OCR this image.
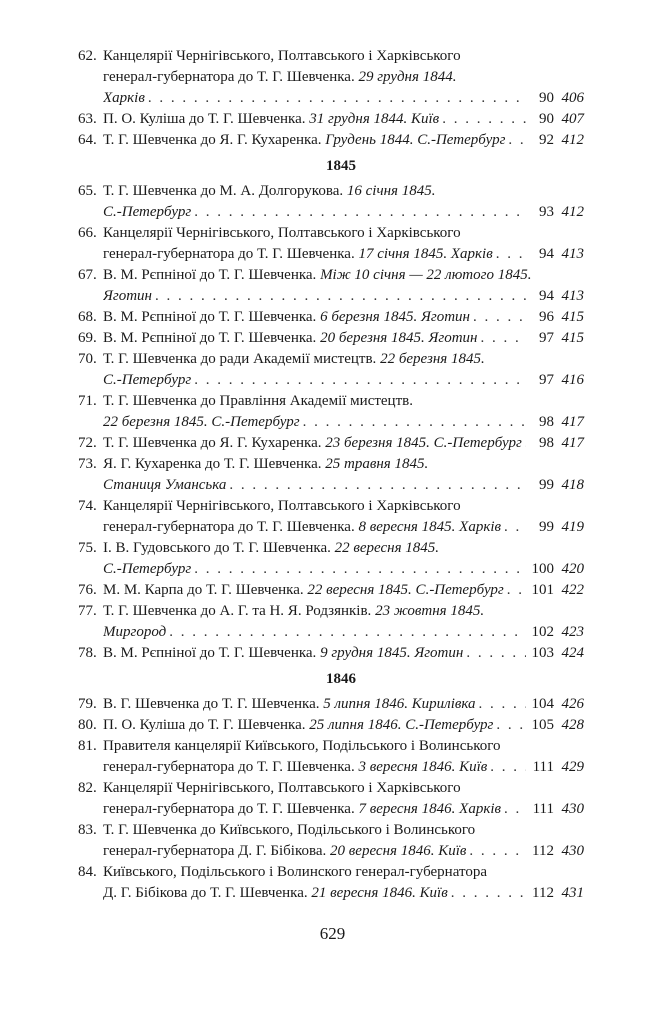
62. Канцелярії Чернігівського, Полтавського і Харківського
генерал-губернатора до Т. Г. Шевченка. 29 грудня 1844.
Харків . . .	90 406
63. П. О. Куліша до Т. Г. Шевченка. 31 грудня 1844. Київ . . .	90 407
64. Т. Г. Шевченка до Я. Г. Кухаренка. Грудень 1844. С.-Петербург . . .	92 412
1845
65. Т. Г. Шевченка до М. А. Долгорукова. 16 січня 1845.
С.-Петербург . . .	93 412
66. Канцелярії Чернігівського, Полтавського і Харківського
генерал-губернатора до Т. Г. Шевченка. 17 січня 1845. Харків . . .	94 413
67. В. М. Рєпніної до Т. Г. Шевченка. Між 10 січня — 22 лютого 1845.
Яготин . . .	94 413
68. В. М. Рєпніної до Т. Г. Шевченка. 6 березня 1845. Яготин . . .	96 415
69. В. М. Рєпніної до Т. Г. Шевченка. 20 березня 1845. Яготин . . .	97 415
70. Т. Г. Шевченка до ради Академії мистецтв. 22 березня 1845.
С.-Петербург . . .	97 416
71. Т. Г. Шевченка до Правління Академії мистецтв.
22 березня 1845. С.-Петербург . . .	98 417
72. Т. Г. Шевченка до Я. Г. Кухаренка. 23 березня 1845. С.-Петербург . . .	98 417
73. Я. Г. Кухаренка до Т. Г. Шевченка. 25 травня 1845.
Станиця Уманська . . .	99 418
74. Канцелярії Чернігівського, Полтавського і Харківського
генерал-губернатора до Т. Г. Шевченка. 8 вересня 1845. Харків . . .	99 419
75. І. В. Гудовського до Т. Г. Шевченка. 22 вересня 1845.
С.-Петербург . . .	100 420
76. М. М. Карпа до Т. Г. Шевченка. 22 вересня 1845. С.-Петербург . . . 101 422
77. Т. Г. Шевченка до А. Г. та Н. Я. Родзянків. 23 жовтня 1845.
Миргород . . .	102 423
78. В. М. Рєпніної до Т. Г. Шевченка. 9 грудня 1845. Яготин . . .	103 424
1846
79. В. Г. Шевченка до Т. Г. Шевченка. 5 липня 1846. Кирилівка . . .	104 426
80. П. О. Куліша до Т. Г. Шевченка. 25 липня 1846. С.-Петербург . . .	105 428
81. Правителя канцелярії Київського, Подільського і Волинського
генерал-губернатора до Т. Г. Шевченка. 3 вересня 1846. Київ . . .	111 429
82. Канцелярії Чернігівського, Полтавського і Харківського
генерал-губернатора до Т. Г. Шевченка. 7 вересня 1846. Харків . . .	111 430
83. Т. Г. Шевченка до Київського, Подільського і Волинського
генерал-губернатора Д. Г. Бібікова. 20 вересня 1846. Київ . . .	112 430
84. Київського, Подільського і Волинского генерал-губернатора
Д. Г. Бібікова до Т. Г. Шевченка. 21 вересня 1846. Київ . . .	112 431
629
